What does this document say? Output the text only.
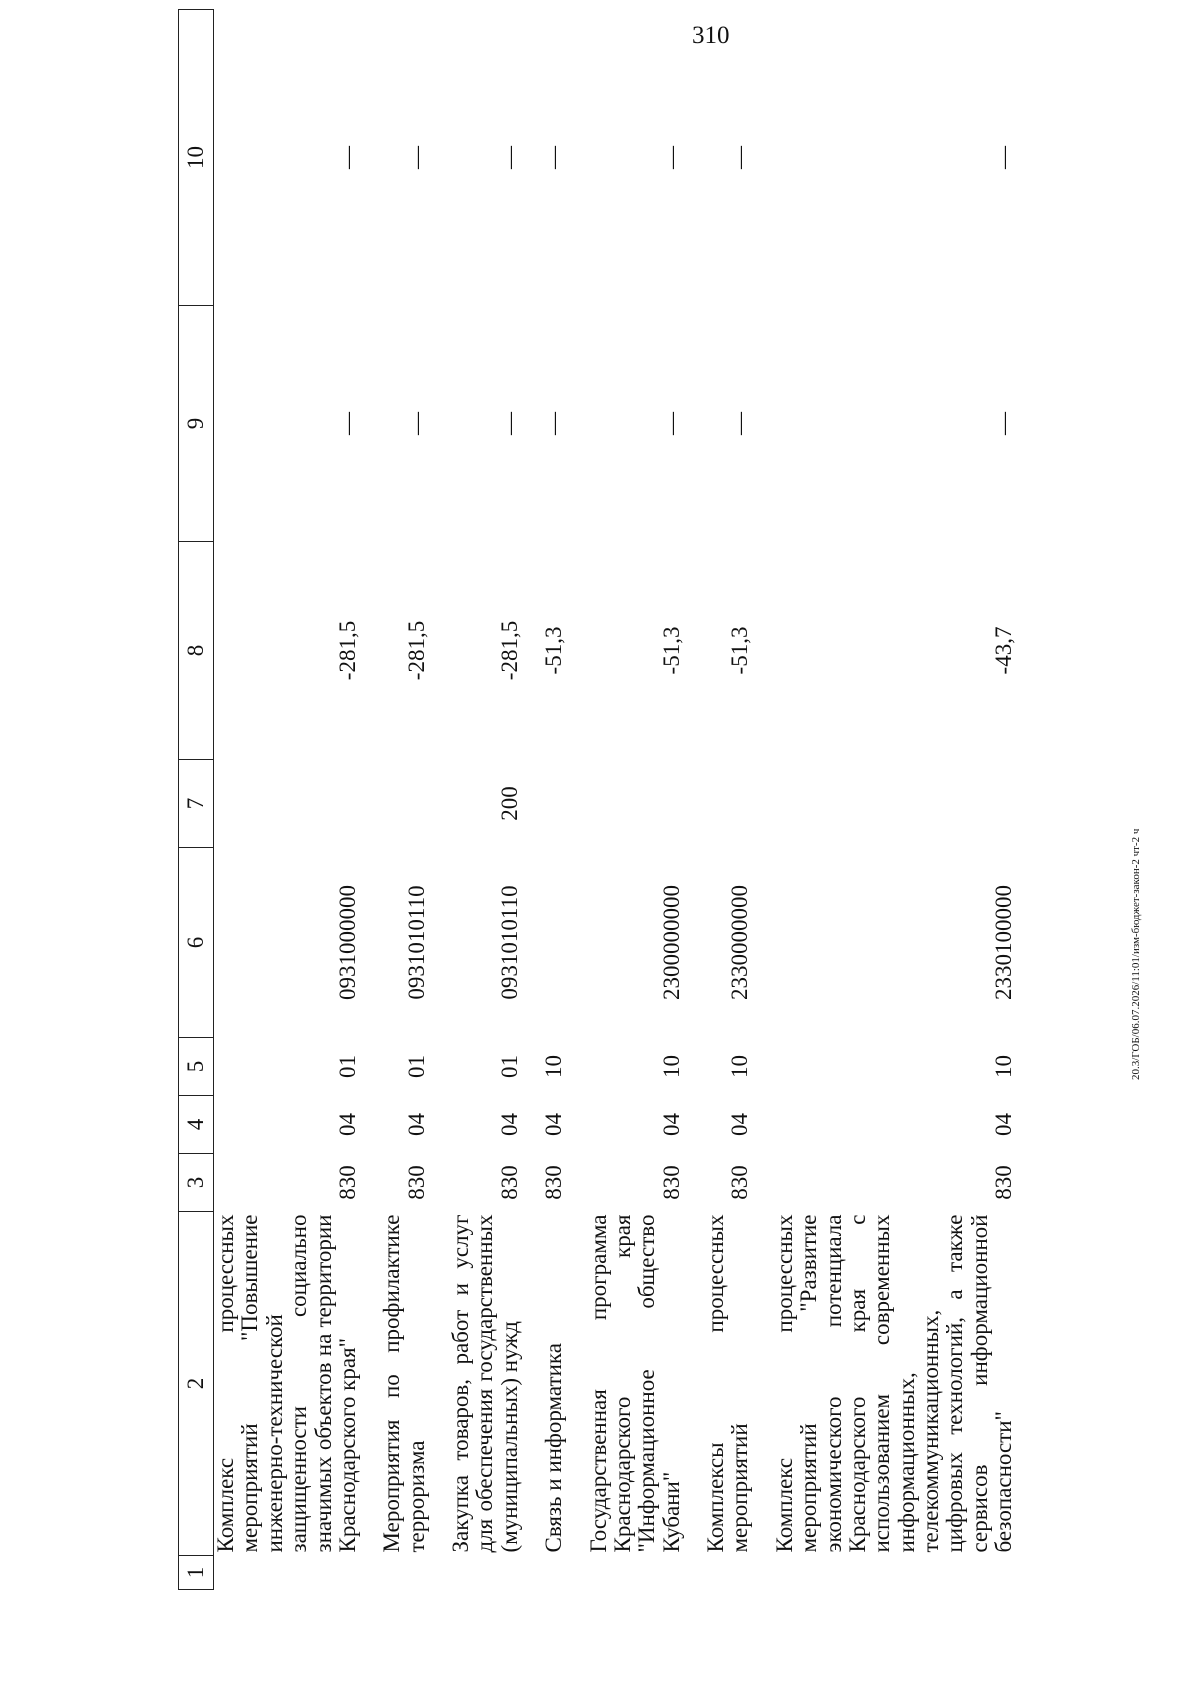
310
1	2	3	4	5	6	7	8	9	10
	Комплекс процессных мероприятий "Повышение инженерно-технической защищенности социально значимых объектов на территории Краснодарского края"	830	04	01	0931000000		-281,5	—	—

	Мероприятия по профилактике терроризма	830	04	01	0931010110		-281,5	—	—

	Закупка товаров, работ и услуг для обеспечения государственных (муниципальных) нужд	830	04	01	0931010110	200	-281,5	—	—

	Связь и информатика	830	04	10			-51,3	—	—

	Государственная программа Краснодарского края "Информационное общество Кубани"	830	04	10	2300000000		-51,3	—	—

	Комплексы процессных мероприятий	830	04	10	2330000000		-51,3	—	—

	Комплекс процессных мероприятий "Развитие экономического потенциала Краснодарского края с использованием современных информационных, телекоммуникационных, цифровых технологий, а также сервисов информационной безопасности"	830	04	10	2330100000		-43,7	—	—
20.3/ГОБ/06.07.2026/11:01/изм-бюджет-закон-2 чт-2 ч
